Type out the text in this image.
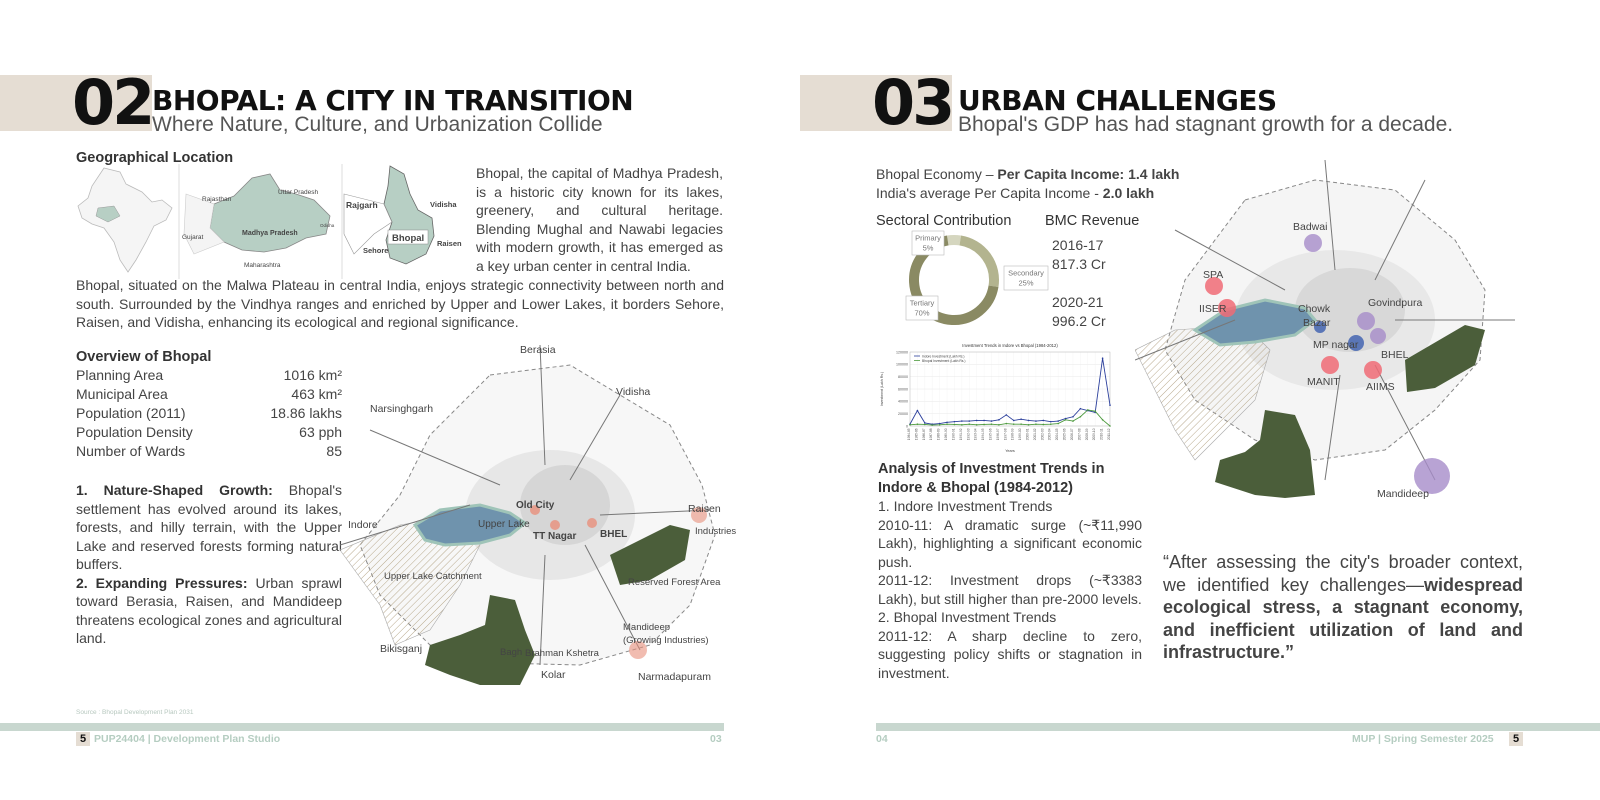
02 BHOPAL: A CITY IN TRANSITION
Where Nature, Culture, and Urbanization Collide
Geographical Location
Uttar Pradesh
Rajasthan
Gujarat
Madhya Pradesh
Maharashtra
Odisha
Rajgarh	Vidisha
Bhopal
Sehore
Raisen
Bhopal, the capital of Madhya Pradesh, is a historic city known for its lakes, greenery, and cultural heritage. Blending Mughal and Nawabi legacies with modern growth, it has emerged as a key urban center in central India.
Bhopal, situated on the Malwa Plateau in central India, enjoys strategic connectivity between north and south. Surrounded by the Vindhya ranges and enriched by Upper and Lower Lakes, it borders Sehore, Raisen, and Vidisha, enhancing its ecological and regional significance.
Overview of Bhopal
Planning Area	1016 km²
Municipal Area	463 km²
Population (2011)	18.86 lakhs
Population Density	63 pph
Number of Wards	85
1. Nature-Shaped Growth: Bhopal's settlement has evolved around its lakes, forests, and hilly terrain, with the Upper Lake and reserved forests forming natural buffers.
2. Expanding Pressures: Urban sprawl toward Berasia, Raisen, and Mandideep threatens ecological zones and agricultural land.
Berasia
Vidisha
Narsinghgarh
Old City
Upper Lake
TT Nagar BHEL
Raisen
Industries
Indore
Upper Lake Catchment
Reserved Forest Area
Mandideep
(Growing Industries)
Bikisganj	Bagh Brahman Kshetra
Kolar	Narmadapuram
Source : Bhopal Development Plan 2031
5 PUP24404 | Development Plan Studio	03
03 URBAN CHALLENGES
Bhopal's GDP has had stagnant growth for a decade.
Bhopal Economy – Per Capita Income: 1.4 lakh
India's average Per Capita Income - 2.0 lakh
Sectoral Contribution BMC Revenue
Primary
5%
Secondary
25%
Tertiary
70%
2016-17
817.3 Cr
2020-21
996.2 Cr
Investment Trends in Indore vs Bhopal (1984-2012)
0
20000
40000
60000
80000
100000
120000
1984-85 1985-86 1986-87 1987-88 1988-89 1989-90 1990-91 1991-92 1992-93 1993-94 1994-95 1995-96 1996-97 1997-98 1998-99 1999-00 2000-01 2001-02 2002-03 2003-04 2004-05 2005-06 2006-07 2007-08 2008-09 2009-10 2010-11 2011-12
Investment (Lakh Rs.)
Years
Indore Investment (Lakh Rs.)
Bhopal Investment (Lakh Rs.)
Analysis of Investment Trends in Indore & Bhopal (1984-2012)
1. Indore Investment Trends
2010-11: A dramatic surge (~₹11,990 Lakh), highlighting a significant economic push.
2011-12: Investment drops (~₹3383 Lakh), but still higher than pre-2000 levels.
2. Bhopal Investment Trends
2011-12: A sharp decline to zero, suggesting policy shifts or stagnation in investment.
Badwai
SPA
IISER	Chowk
Bazar
Govindpura
MP nagar
BHEL
MANIT	AIIMS
Mandideep
“After assessing the city's broader context, we identified key challenges—widespread ecological stress, a stagnant economy, and inefficient utilization of land and infrastructure.”
04	MUP | Spring Semester 2025	5
